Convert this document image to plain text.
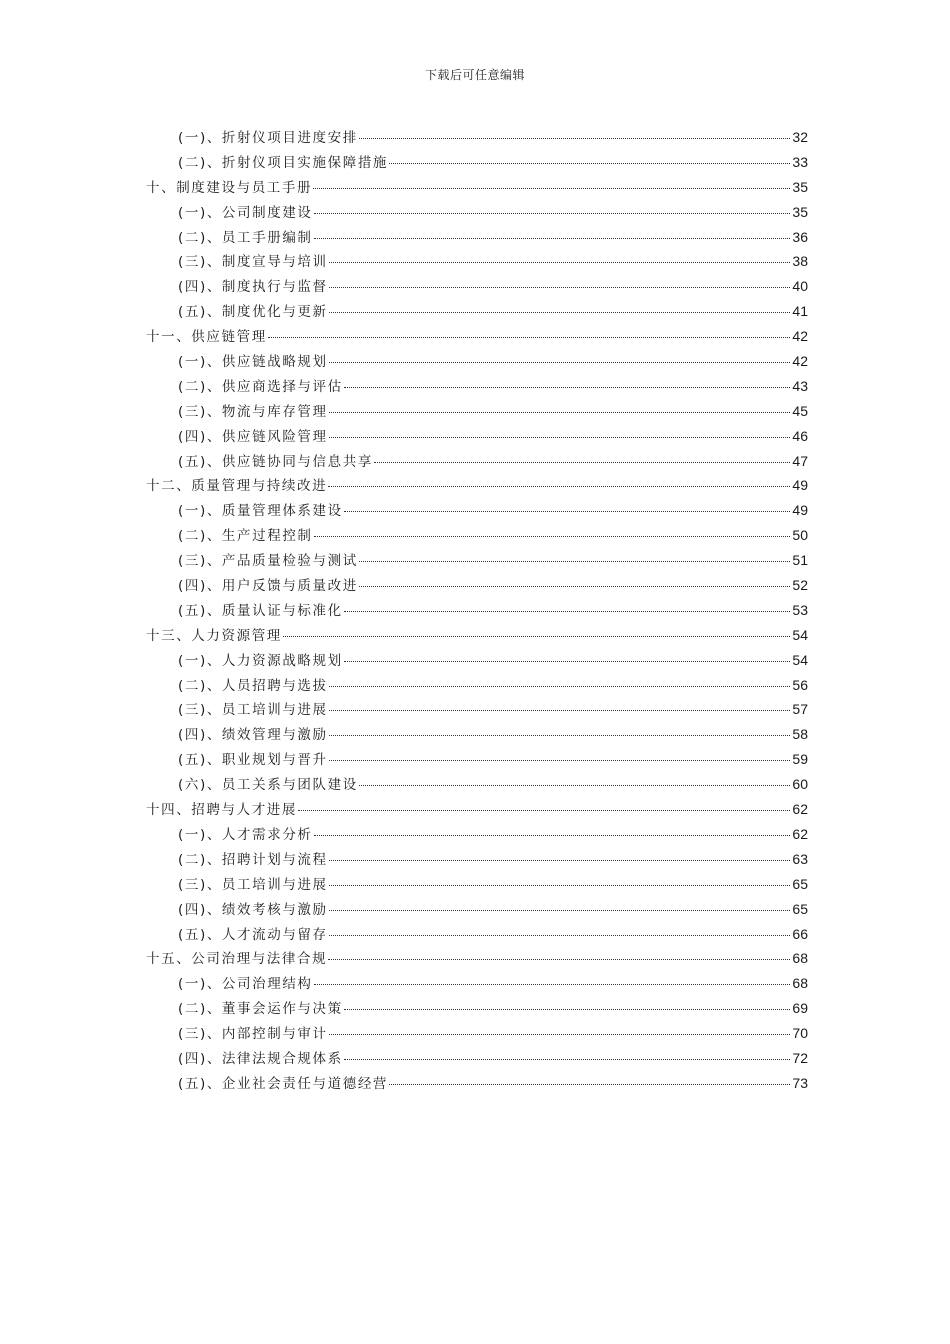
下载后可任意编辑
(一)、折射仪项目进度安排	32
(二)、折射仪项目实施保障措施	33
十、制度建设与员工手册	35
(一)、公司制度建设	35
(二)、员工手册编制	36
(三)、制度宣导与培训	38
(四)、制度执行与监督	40
(五)、制度优化与更新	41
十一、供应链管理	42
(一)、供应链战略规划	42
(二)、供应商选择与评估	43
(三)、物流与库存管理	45
(四)、供应链风险管理	46
(五)、供应链协同与信息共享	47
十二、质量管理与持续改进	49
(一)、质量管理体系建设	49
(二)、生产过程控制	50
(三)、产品质量检验与测试	51
(四)、用户反馈与质量改进	52
(五)、质量认证与标准化	53
十三、人力资源管理	54
(一)、人力资源战略规划	54
(二)、人员招聘与选拔	56
(三)、员工培训与进展	57
(四)、绩效管理与激励	58
(五)、职业规划与晋升	59
(六)、员工关系与团队建设	60
十四、招聘与人才进展	62
(一)、人才需求分析	62
(二)、招聘计划与流程	63
(三)、员工培训与进展	65
(四)、绩效考核与激励	65
(五)、人才流动与留存	66
十五、公司治理与法律合规	68
(一)、公司治理结构	68
(二)、董事会运作与决策	69
(三)、内部控制与审计	70
(四)、法律法规合规体系	72
(五)、企业社会责任与道德经营	73
